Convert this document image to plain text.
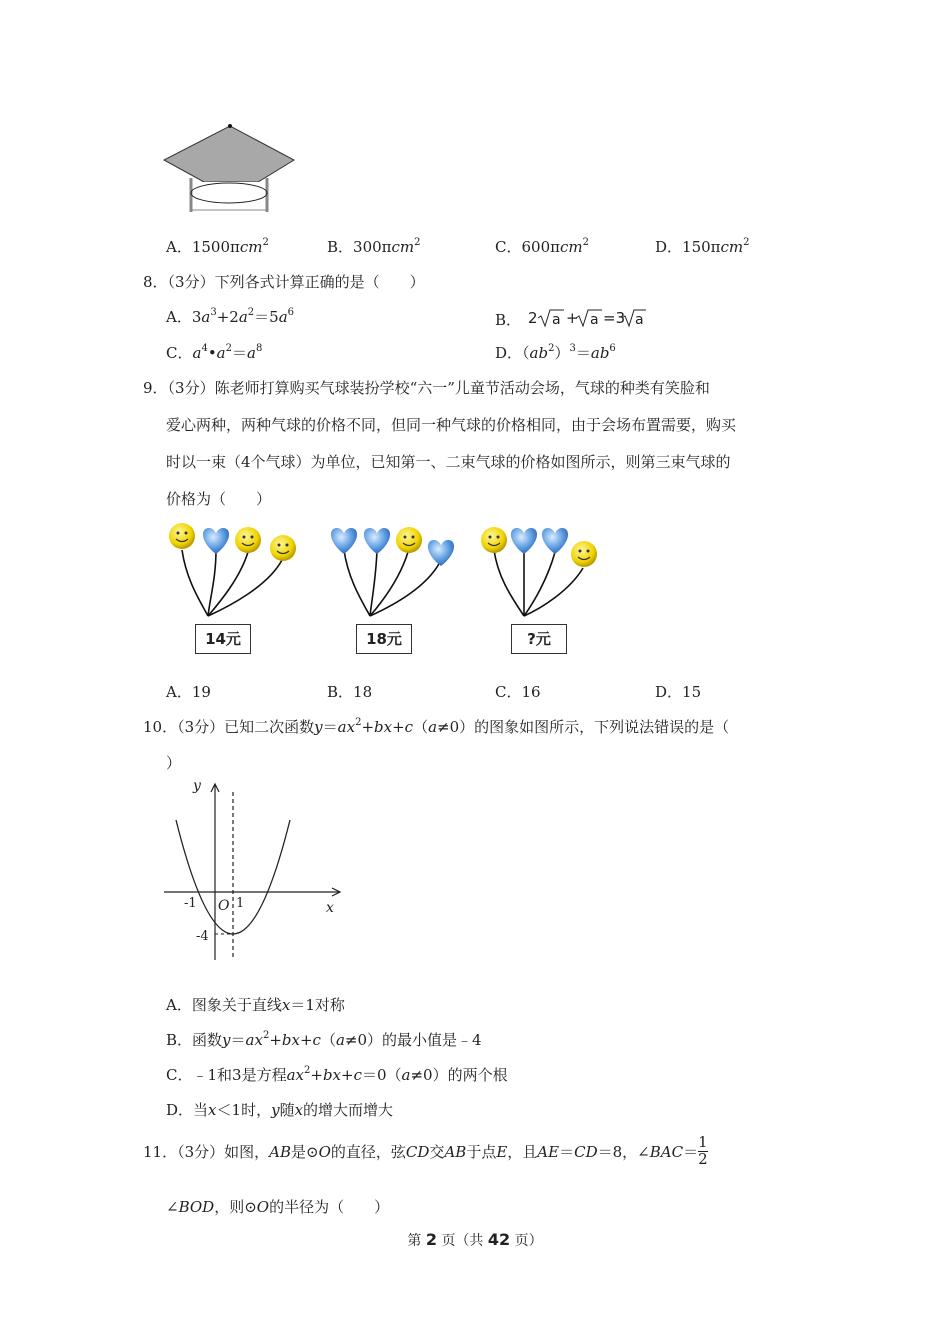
A．1500πcm$^2$	B．300πcm$^2$	C．600πcm$^2$	D．150πcm$^2$
8．（3分）下列各式计算正确的是（　　）
A．$3a^3+2a^2=5a^6$	B． 2 a + a =3 a
C．$a^4•a^2=a^8$	D．$(ab^2)^3=ab^6$
9．（3分）陈老师打算购买气球装扮学校“六一”儿童节活动会场，气球的种类有笑脸和
爱心两种，两种气球的价格不同，但同一种气球的价格相同，由于会场布置需要，购买
时以一束（4个气球）为单位，已知第一、二束气球的价格如图所示，则第三束气球的
价格为（　　）
14元	18元	?元
A．19	B．18	C．16	D．15
10．（3分）已知二次函数$y=ax^2+bx+c(a\ne 0)$的图象如图所示，下列说法错误的是（
）
y
x
O
-1	1
-4
A．图象关于直线x＝1对称
B．函数$y=ax^2+bx+c(a\ne 0)$的最小值是﹣4
C．﹣1和3是方程$ax^2+bx+c=0(a\ne 0)$的两个根
D．当x＜1时，y随x的增大而增大
11．（3分）如图，AB是⊙O的直径，弦CD交AB于点E，且AE＝CD＝8，∠BAC＝ $\frac{1}{2}$
∠BOD，则⊙O的半径为（　　）
第 2 页（共 42 页）
